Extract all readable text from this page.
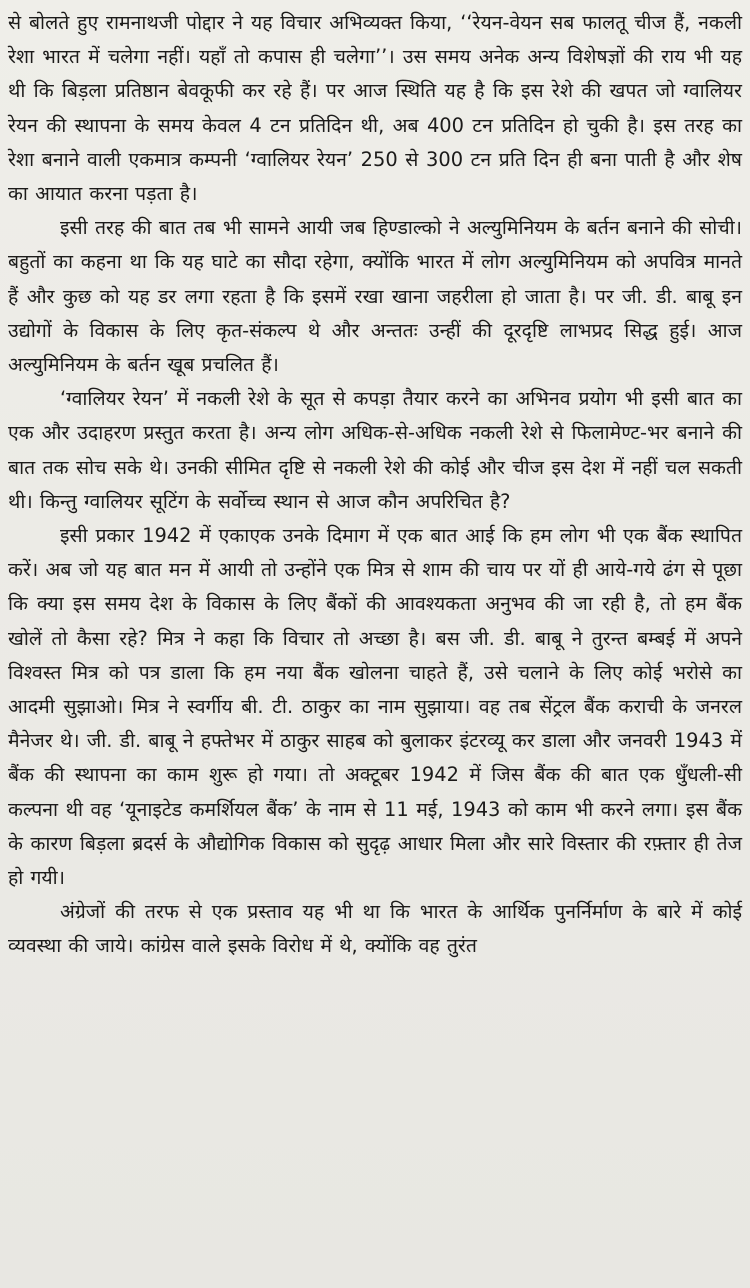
से बोलते हुए रामनाथजी पोद्दार ने यह विचार अभिव्यक्त किया, ‘‘रेयन-वेयन सब फालतू चीज हैं, नकली रेशा भारत में चलेगा नहीं। यहाँ तो कपास ही चलेगा’’। उस समय अनेक अन्य विशेषज्ञों की राय भी यह थी कि बिड़ला प्रतिष्ठान बेवकूफी कर रहे हैं। पर आज स्थिति यह है कि इस रेशे की खपत जो ग्वालियर रेयन की स्थापना के समय केवल 4 टन प्रतिदिन थी, अब 400 टन प्रतिदिन हो चुकी है। इस तरह का रेशा बनाने वाली एकमात्र कम्पनी ‘ग्वालियर रेयन’ 250 से 300 टन प्रति दिन ही बना पाती है और शेष का आयात करना पड़ता है।

इसी तरह की बात तब भी सामने आयी जब हिण्डाल्को ने अल्युमिनियम के बर्तन बनाने की सोची। बहुतों का कहना था कि यह घाटे का सौदा रहेगा, क्योंकि भारत में लोग अल्युमिनियम को अपवित्र मानते हैं और कुछ को यह डर लगा रहता है कि इसमें रखा खाना जहरीला हो जाता है। पर जी. डी. बाबू इन उद्योगों के विकास के लिए कृत-संकल्प थे और अन्ततः उन्हीं की दूरदृष्टि लाभप्रद सिद्ध हुई। आज अल्युमिनियम के बर्तन खूब प्रचलित हैं।

‘ग्वालियर रेयन’ में नकली रेशे के सूत से कपड़ा तैयार करने का अभिनव प्रयोग भी इसी बात का एक और उदाहरण प्रस्तुत करता है। अन्य लोग अधिक-से-अधिक नकली रेशे से फिलामेण्ट-भर बनाने की बात तक सोच सके थे। उनकी सीमित दृष्टि से नकली रेशे की कोई और चीज इस देश में नहीं चल सकती थी। किन्तु ग्वालियर सूटिंग के सर्वोच्च स्थान से आज कौन अपरिचित है?

इसी प्रकार 1942 में एकाएक उनके दिमाग में एक बात आई कि हम लोग भी एक बैंक स्थापित करें। अब जो यह बात मन में आयी तो उन्होंने एक मित्र से शाम की चाय पर यों ही आये-गये ढंग से पूछा कि क्या इस समय देश के विकास के लिए बैंकों की आवश्यकता अनुभव की जा रही है, तो हम बैंक खोलें तो कैसा रहे? मित्र ने कहा कि विचार तो अच्छा है। बस जी. डी. बाबू ने तुरन्त बम्बई में अपने विश्वस्त मित्र को पत्र डाला कि हम नया बैंक खोलना चाहते हैं, उसे चलाने के लिए कोई भरोसे का आदमी सुझाओ। मित्र ने स्वर्गीय बी. टी. ठाकुर का नाम सुझाया। वह तब सेंट्रल बैंक कराची के जनरल मैनेजर थे। जी. डी. बाबू ने हफ्तेभर में ठाकुर साहब को बुलाकर इंटरव्यू कर डाला और जनवरी 1943 में बैंक की स्थापना का काम शुरू हो गया। तो अक्टूबर 1942 में जिस बैंक की बात एक धुँधली-सी कल्पना थी वह ‘यूनाइटेड कमर्शियल बैंक’ के नाम से 11 मई, 1943 को काम भी करने लगा। इस बैंक के कारण बिड़ला ब्रदर्स के औद्योगिक विकास को सुदृढ़ आधार मिला और सारे विस्तार की रफ़्तार ही तेज हो गयी।

अंग्रेजों की तरफ से एक प्रस्ताव यह भी था कि भारत के आर्थिक पुनर्निर्माण के बारे में कोई व्यवस्था की जाये। कांग्रेस वाले इसके विरोध में थे, क्योंकि वह तुरंत
